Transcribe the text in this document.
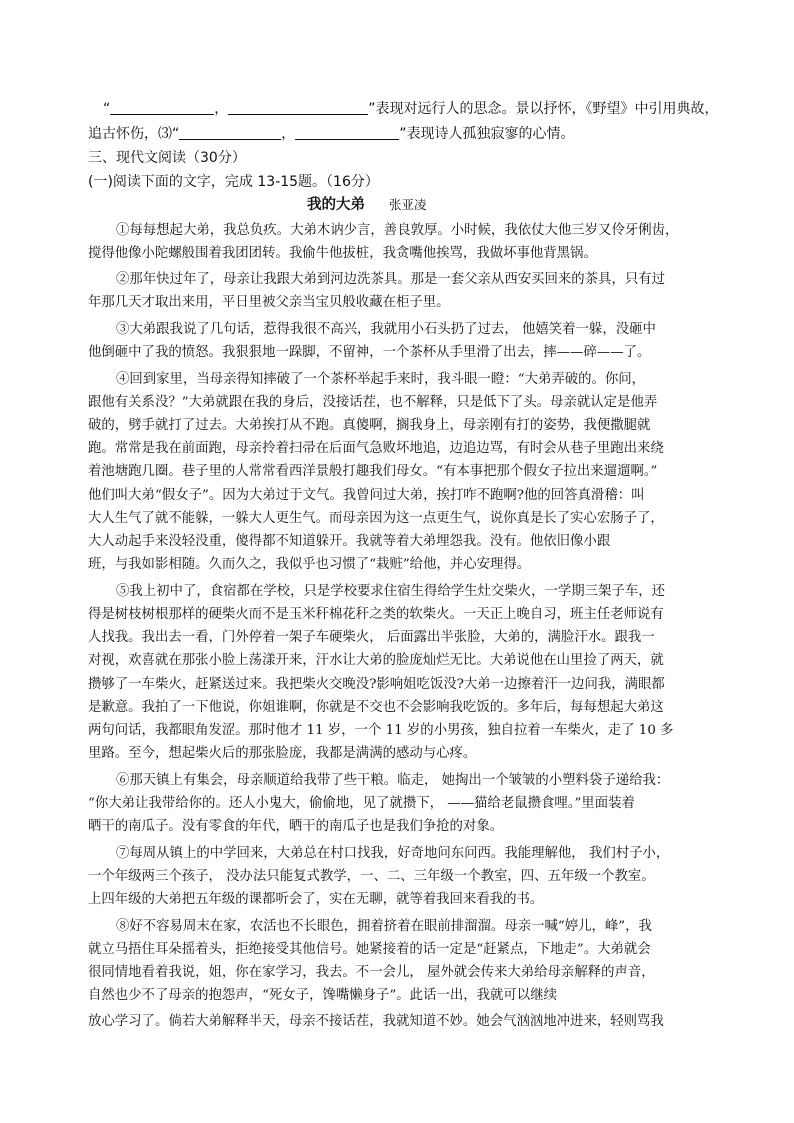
“	，	”表现对远行人的思念。景以抒怀，《野望》中引用典故，
追古怀伤，⑶“	，	”表现诗人孤独寂寥的心情。
三、现代文阅读（30分）
(一)阅读下面的文字，完成 13-15题。（16分）
我的大弟 张亚凌
①每每想起大弟，我总负疚。大弟木讷少言，善良敦厚。小时候，我依仗大他三岁又伶牙俐齿，
搅得他像小陀螺般围着我团团转。我偷牛他拔桩，我贪嘴他挨骂，我做坏事他背黑锅。
②那年快过年了，母亲让我跟大弟到河边洗茶具。那是一套父亲从西安买回来的茶具，只有过
年那几天才取出来用，平日里被父亲当宝贝般收藏在柜子里。
③大弟跟我说了几句话，惹得我很不高兴，我就用小石头扔了过去， 他嬉笑着一躲，没砸中
他倒砸中了我的愤怒。我狠狠地一跺脚，不留神，一个茶杯从手里滑了出去，摔——碎——了。
④回到家里，当母亲得知摔破了一个茶杯举起手来时，我斗眼一瞪：“大弟弄破的。你问，
跟他有关系没？”大弟就跟在我的身后，没接话茬，也不解释，只是低下了头。母亲就认定是他弄
破的，劈手就打了过去。大弟挨打从不跑。真傻啊，搁我身上，母亲刚有打的姿势，我便撒腿就
跑。常常是我在前面跑，母亲拎着扫帚在后面气急败坏地追，边追边骂，有时会从巷子里跑出来绕
着池塘跑几圈。巷子里的人常常看西洋景般打趣我们母女。“有本事把那个假女子拉出来遛遛啊。”
他们叫大弟“假女子”。因为大弟过于文气。我曾问过大弟，挨打咋不跑啊?他的回答真滑稽：叫
大人生气了就不能躲，一躲大人更生气。而母亲因为这一点更生气，说你真是长了实心宏肠子了，
大人动起手来没轻没重，傻得都不知道躲开。我就等着大弟埋怨我。没有。他依旧像小跟
班，与我如影相随。久而久之，我似乎也习惯了“栽赃”给他，并心安理得。
⑤我上初中了，食宿都在学校，只是学校要求住宿生得给学生灶交柴火，一学期三架子车，还
得是树枝树根那样的硬柴火而不是玉米秆棉花秆之类的软柴火。一天正上晚自习，班主任老师说有
人找我。我出去一看，门外停着一架子车硬柴火， 后面露出半张脸，大弟的，满脸汗水。跟我一
对视，欢喜就在那张小脸上荡漾开来，汗水让大弟的脸庞灿烂无比。大弟说他在山里捡了两天，就
攒够了一车柴火，赶紧送过来。我把柴火交晚没?影响姐吃饭没?大弟一边擦着汗一边问我，满眼都
是歉意。我拍了一下他说，你姐谁啊，你就是不交也不会影响我吃饭的。多年后，每每想起大弟这
两句问话，我都眼角发涩。那时他才 11 岁，一个 11 岁的小男孩，独自拉着一车柴火，走了 10 多
里路。至今，想起柴火后的那张脸庞，我都是满满的感动与心疼。
⑥那天镇上有集会，母亲顺道给我带了些干粮。临走， 她掏出一个皱皱的小塑料袋子递给我：
“你大弟让我带给你的。还人小鬼大，偷偷地，见了就攒下， ——猫给老鼠攒食哩。”里面装着
晒干的南瓜子。没有零食的年代，晒干的南瓜子也是我们争抢的对象。
⑦每周从镇上的中学回来，大弟总在村口找我，好奇地问东问西。我能理解他， 我们村子小，
一个年级两三个孩子， 没办法只能复式教学，一、二、三年级一个教室，四、五年级一个教室。
上四年级的大弟把五年级的课都听会了，实在无聊，就等着我回来看我的书。
⑧好不容易周末在家，农活也不长眼色，拥着挤着在眼前排溜溜。母亲一喊“婷儿，峰”，我
就立马捂住耳朵摇着头，拒绝接受其他信号。她紧接着的话一定是“赶紧点，下地走”。大弟就会
很同情地看着我说，姐，你在家学习，我去。不一会儿， 屋外就会传来大弟给母亲解释的声音，
自然也少不了母亲的抱怨声，“死女子，馋嘴懒身子”。此话一出，我就可以继续
放心学习了。倘若大弟解释半天，母亲不接话茬，我就知道不妙。她会气汹汹地冲进来，轻则骂我
